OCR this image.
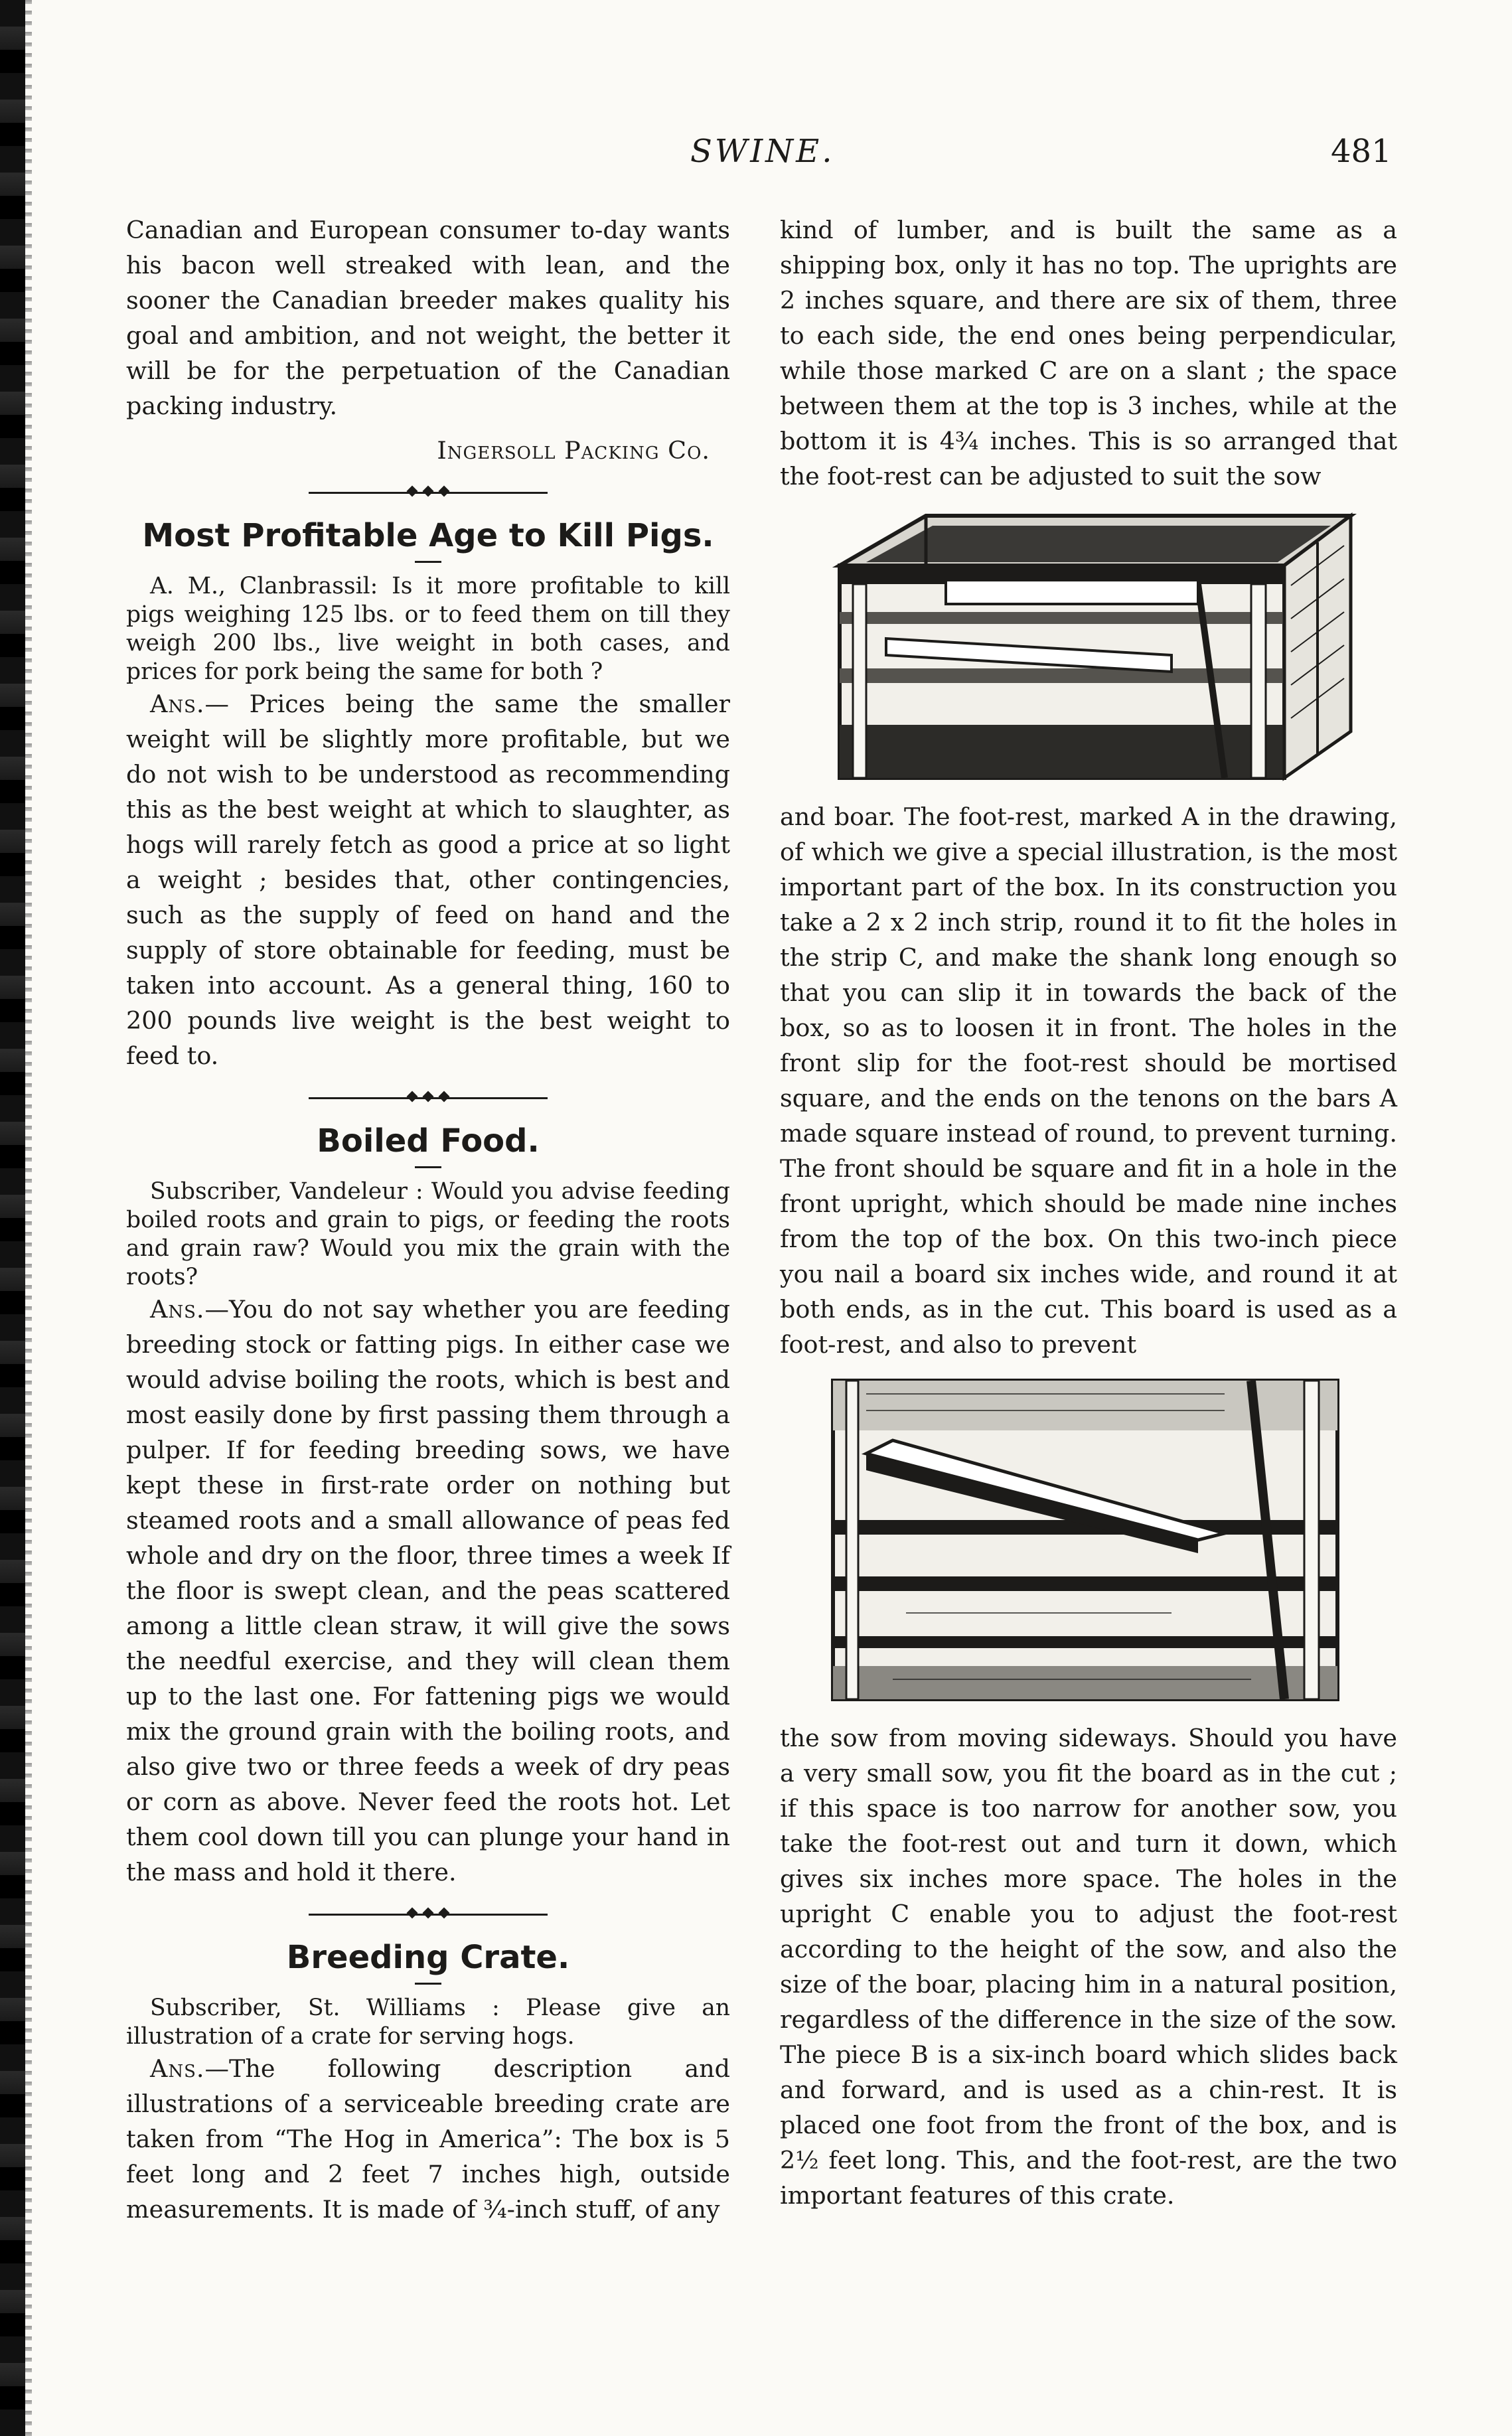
SWINE.	481

Canadian and European consumer to-day wants his bacon well streaked with lean, and the sooner the Canadian breeder makes quality his goal and ambition, and not weight, the better it will be for the perpetuation of the Canadian packing industry.

Ingersoll Packing Co.

Most Profitable Age to Kill Pigs.

A. M., Clanbrassil: Is it more profitable to kill pigs weighing 125 lbs. or to feed them on till they weigh 200 lbs., live weight in both cases, and prices for pork being the same for both ?

Ans.— Prices being the same the smaller weight will be slightly more profitable, but we do not wish to be understood as recommending this as the best weight at which to slaughter, as hogs will rarely fetch as good a price at so light a weight ; besides that, other contingencies, such as the supply of feed on hand and the supply of store obtainable for feeding, must be taken into account. As a general thing, 160 to 200 pounds live weight is the best weight to feed to.

Boiled Food.

Subscriber, Vandeleur : Would you advise feeding boiled roots and grain to pigs, or feeding the roots and grain raw? Would you mix the grain with the roots?

Ans.—You do not say whether you are feeding breeding stock or fatting pigs. In either case we would advise boiling the roots, which is best and most easily done by first passing them through a pulper. If for feeding breeding sows, we have kept these in first-rate order on nothing but steamed roots and a small allowance of peas fed whole and dry on the floor, three times a week If the floor is swept clean, and the peas scattered among a little clean straw, it will give the sows the needful exercise, and they will clean them up to the last one. For fattening pigs we would mix the ground grain with the boiling roots, and also give two or three feeds a week of dry peas or corn as above. Never feed the roots hot. Let them cool down till you can plunge your hand in the mass and hold it there.

Breeding Crate.

Subscriber, St. Williams : Please give an illustration of a crate for serving hogs.

Ans.—The following description and illustrations of a serviceable breeding crate are taken from “The Hog in America”: The box is 5 feet long and 2 feet 7 inches high, outside measurements. It is made of ¾-inch stuff, of any

kind of lumber, and is built the same as a shipping box, only it has no top. The uprights are 2 inches square, and there are six of them, three to each side, the end ones being perpendicular, while those marked C are on a slant ; the space between them at the top is 3 inches, while at the bottom it is 4¾ inches. This is so arranged that the foot-rest can be adjusted to suit the sow

and boar. The foot-rest, marked A in the drawing, of which we give a special illustration, is the most important part of the box. In its construction you take a 2 x 2 inch strip, round it to fit the holes in the strip C, and make the shank long enough so that you can slip it in towards the back of the box, so as to loosen it in front. The holes in the front slip for the foot-rest should be mortised square, and the ends on the tenons on the bars A made square instead of round, to prevent turning. The front should be square and fit in a hole in the front upright, which should be made nine inches from the top of the box. On this two-inch piece you nail a board six inches wide, and round it at both ends, as in the cut. This board is used as a foot-rest, and also to prevent

the sow from moving sideways. Should you have a very small sow, you fit the board as in the cut ; if this space is too narrow for another sow, you take the foot-rest out and turn it down, which gives six inches more space. The holes in the upright C enable you to adjust the foot-rest according to the height of the sow, and also the size of the boar, placing him in a natural position, regardless of the difference in the size of the sow. The piece B is a six-inch board which slides back and forward, and is used as a chin-rest. It is placed one foot from the front of the box, and is 2½ feet long. This, and the foot-rest, are the two important features of this crate.
